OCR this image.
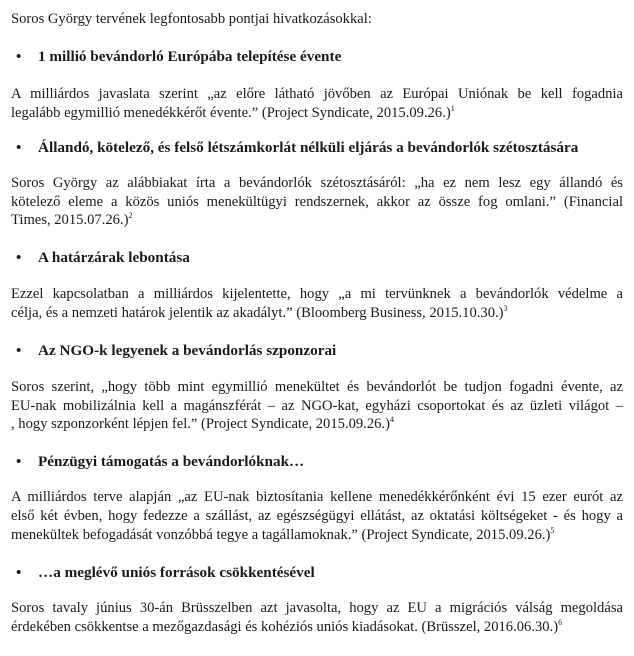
Soros György tervének legfontosabb pontjai hivatkozásokkal:
• 1 millió bevándorló Európába telepítése évente
A milliárdos javaslata szerint „az előre látható jövőben az Európai Uniónak be kell fogadnia
legalább egymillió menedékkérőt évente.” (Project Syndicate, 2015.09.26.)$^1$
• Állandó, kötelező, és felső létszámkorlát nélküli eljárás a bevándorlók szétosztására
Soros György az alábbiakat írta a bevándorlók szétosztásáról: „ha ez nem lesz egy állandó és
kötelező eleme a közös uniós menekültügyi rendszernek, akkor az össze fog omlani.” (Financial
Times, 2015.07.26.)$^2$
• A határzárak lebontása
Ezzel kapcsolatban a milliárdos kijelentette, hogy „a mi tervünknek a bevándorlók védelme a
célja, és a nemzeti határok jelentik az akadályt.” (Bloomberg Business, 2015.10.30.)$^3$
• Az NGO-k legyenek a bevándorlás szponzorai
Soros szerint, „hogy több mint egymillió menekültet és bevándorlót be tudjon fogadni évente, az
EU-nak mobilizálnia kell a magánszférát – az NGO-kat, egyházi csoportokat és az üzleti világot –
, hogy szponzorként lépjen fel.” (Project Syndicate, 2015.09.26.)$^4$
• Pénzügyi támogatás a bevándorlóknak…
A milliárdos terve alapján „az EU-nak biztosítania kellene menedékkérőnként évi 15 ezer eurót az
első két évben, hogy fedezze a szállást, az egészségügyi ellátást, az oktatási költségeket - és hogy a
menekültek befogadását vonzóbbá tegye a tagállamoknak.” (Project Syndicate, 2015.09.26.)$^5$
• …a meglévő uniós források csökkentésével
Soros tavaly június 30-án Brüsszelben azt javasolta, hogy az EU a migrációs válság megoldása
érdekében csökkentse a mezőgazdasági és kohéziós uniós kiadásokat. (Brüsszel, 2016.06.30.)$^6$
